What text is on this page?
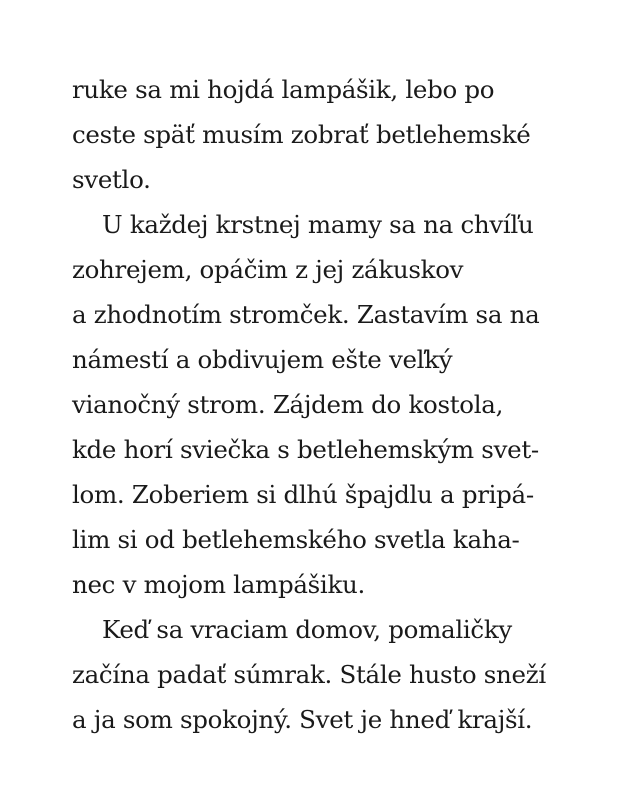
ruke sa mi hojdá lampášik, lebo po
ceste späť musím zobrať betlehemské
svetlo.
U každej krstnej mamy sa na chvíľu
zohrejem, opáčim z jej zákuskov
a zhodnotím stromček. Zastavím sa na
námestí a obdivujem ešte veľký
vianočný strom. Zájdem do kostola,
kde horí sviečka s betlehemským svet-
lom. Zoberiem si dlhú špajdlu a pripá-
lim si od betlehemského svetla kaha-
nec v mojom lampášiku.
Keď sa vraciam domov, pomaličky
začína padať súmrak. Stále husto sneží
a ja som spokojný. Svet je hneď krajší.
